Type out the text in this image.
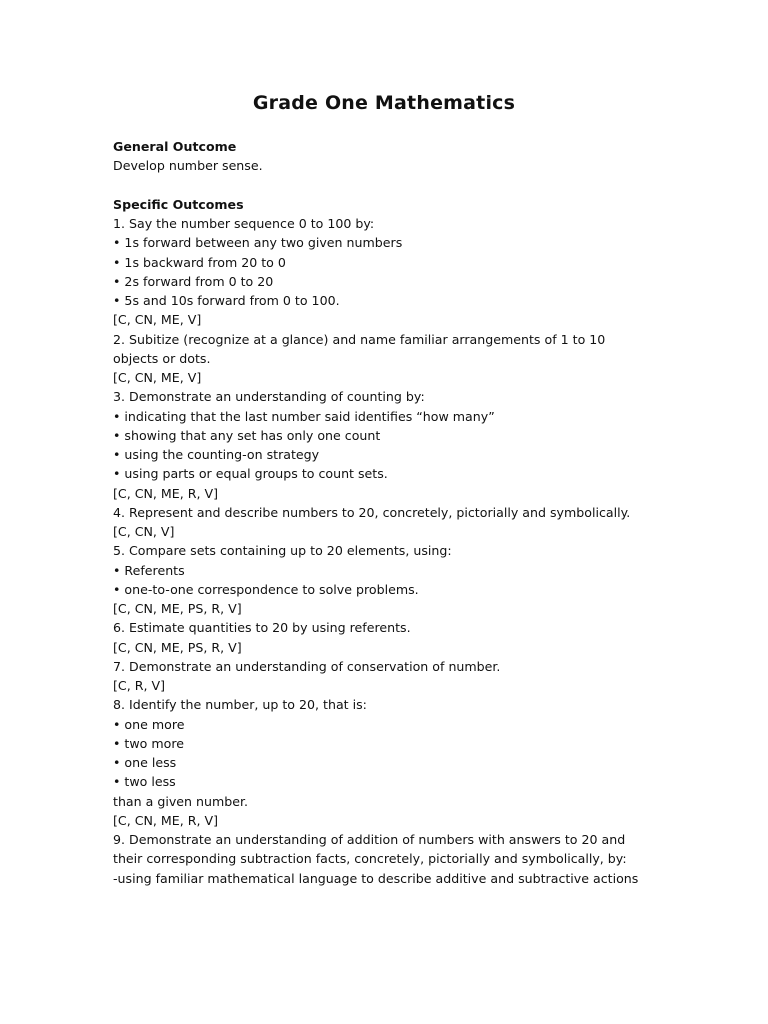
Grade One Mathematics
General Outcome
Develop number sense.
Specific Outcomes
1. Say the number sequence 0 to 100 by:
• 1s forward between any two given numbers
• 1s backward from 20 to 0
• 2s forward from 0 to 20
• 5s and 10s forward from 0 to 100.
[C, CN, ME, V]
2. Subitize (recognize at a glance) and name familiar arrangements of 1 to 10
objects or dots.
[C, CN, ME, V]
3. Demonstrate an understanding of counting by:
• indicating that the last number said identifies “how many”
• showing that any set has only one count
• using the counting-on strategy
• using parts or equal groups to count sets.
[C, CN, ME, R, V]
4. Represent and describe numbers to 20, concretely, pictorially and symbolically.
[C, CN, V]
5. Compare sets containing up to 20 elements, using:
• Referents
• one-to-one correspondence to solve problems.
[C, CN, ME, PS, R, V]
6. Estimate quantities to 20 by using referents.
[C, CN, ME, PS, R, V]
7. Demonstrate an understanding of conservation of number.
[C, R, V]
8. Identify the number, up to 20, that is:
• one more
• two more
• one less
• two less
than a given number.
[C, CN, ME, R, V]
9. Demonstrate an understanding of addition of numbers with answers to 20 and
their corresponding subtraction facts, concretely, pictorially and symbolically, by:
-using familiar mathematical language to describe additive and subtractive actions
